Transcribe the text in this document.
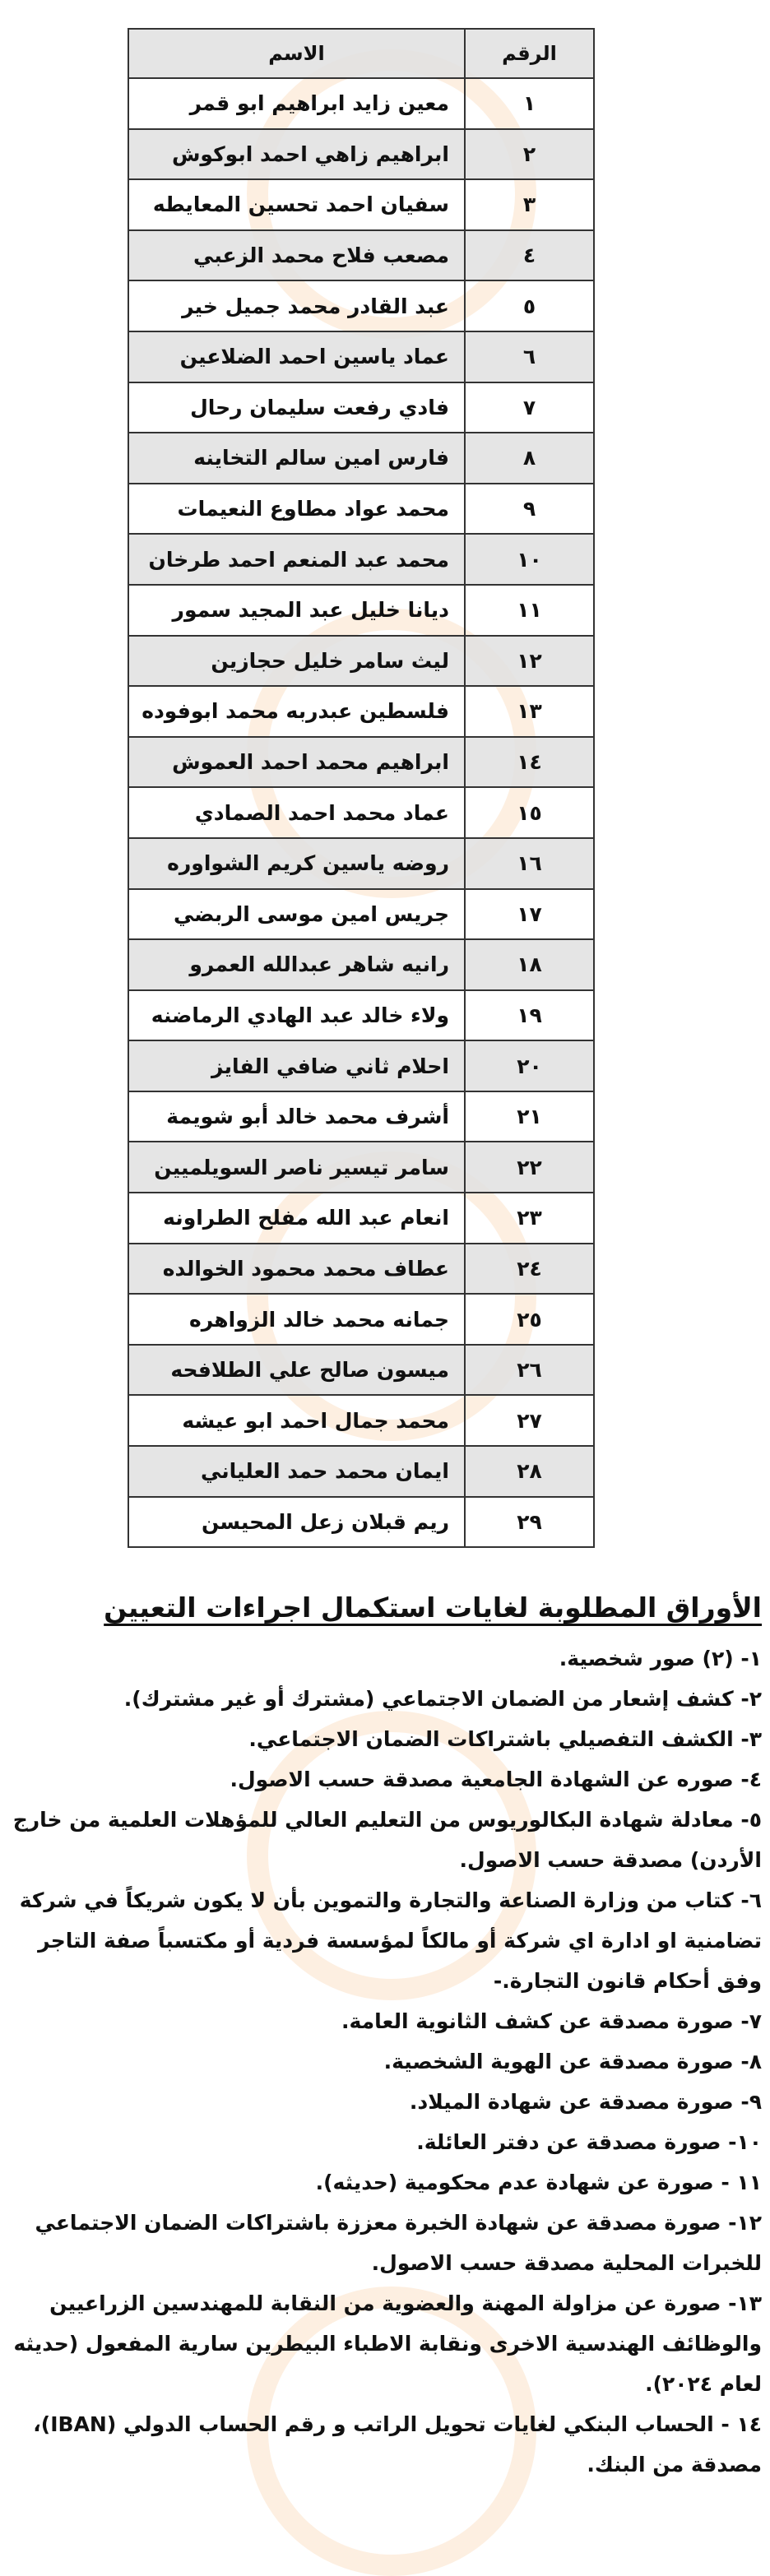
الرقم	الاسم
١	معين زايد ابراهيم ابو قمر
٢	ابراهيم زاهي احمد ابوكوش
٣	سفيان احمد تحسين المعايطه
٤	مصعب فلاح محمد الزعبي
٥	عبد القادر محمد جميل خير
٦	عماد ياسين احمد الضلاعين
٧	فادي رفعت سليمان رحال
٨	فارس امين سالم التخاينه
٩	محمد عواد مطاوع النعيمات
١٠	محمد عبد المنعم احمد طرخان
١١	ديانا خليل عبد المجيد سمور
١٢	ليث سامر خليل حجازين
١٣	فلسطين عبدربه محمد ابوفوده
١٤	ابراهيم محمد احمد العموش
١٥	عماد محمد احمد الصمادي
١٦	روضه ياسين كريم الشواوره
١٧	جريس امين موسى الربضي
١٨	رانيه شاهر عبدالله العمرو
١٩	ولاء خالد عبد الهادي الرماضنه
٢٠	احلام ثاني ضافي الفايز
٢١	أشرف محمد خالد أبو شويمة
٢٢	سامر تيسير ناصر السويلميين
٢٣	انعام عبد الله مفلح الطراونه
٢٤	عطاف محمد محمود الخوالده
٢٥	جمانه محمد خالد الزواهره
٢٦	ميسون صالح علي الطلافحه
٢٧	محمد جمال احمد ابو عيشه
٢٨	ايمان محمد حمد العلياني
٢٩	ريم قبلان زعل المحيسن
الأوراق المطلوبة لغايات استكمال اجراءات التعيين

١- (٢) صور شخصية.

٢- كشف إشعار من الضمان الاجتماعي (مشترك أو غير مشترك).

٣- الكشف التفصيلي باشتراكات الضمان الاجتماعي.

٤- صوره عن الشهادة الجامعية مصدقة حسب الاصول.

٥- معادلة شهادة البكالوريوس من التعليم العالي للمؤهلات العلمية من خارج الأردن) مصدقة حسب الاصول.

٦- كتاب من وزارة الصناعة والتجارة والتموين بأن لا يكون شريكاً في شركة تضامنية او ادارة اي شركة أو مالكاً لمؤسسة فردية أو مكتسباً صفة التاجر وفق أحكام قانون التجارة.-

٧- صورة مصدقة عن كشف الثانوية العامة.

٨- صورة مصدقة عن الهوية الشخصية.

٩- صورة مصدقة عن شهادة الميلاد.

١٠- صورة مصدقة عن دفتر العائلة.

١١ - صورة عن شهادة عدم محكومية (حديثه).

١٢- صورة مصدقة عن شهادة الخبرة معززة باشتراكات الضمان الاجتماعي للخبرات المحلية مصدقة حسب الاصول.

١٣- صورة عن مزاولة المهنة والعضوية من النقابة للمهندسين الزراعيين والوظائف الهندسية الاخرى ونقابة الاطباء البيطرين سارية المفعول (حديثه لعام ٢٠٢٤).

١٤ - الحساب البنكي لغايات تحويل الراتب و رقم الحساب الدولي (IBAN)، مصدقة من البنك.
